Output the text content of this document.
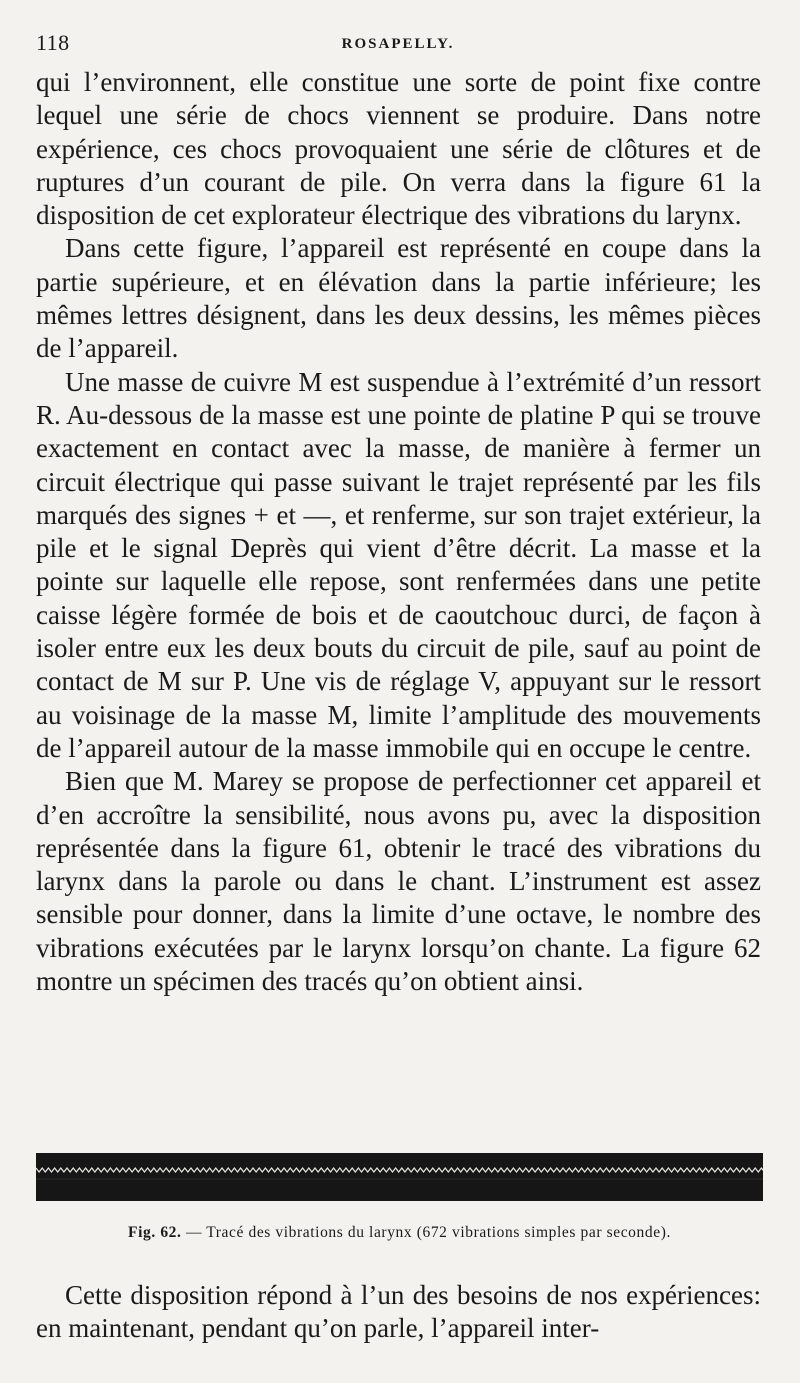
118	ROSAPELLY.

qui l’environnent, elle constitue une sorte de point fixe contre lequel une série de chocs viennent se produire. Dans notre expérience, ces chocs provoquaient une série de clôtures et de ruptures d’un courant de pile. On verra dans la figure 61 la disposition de cet explorateur électrique des vibrations du larynx.

Dans cette figure, l’appareil est représenté en coupe dans la partie supérieure, et en élévation dans la partie inférieure; les mêmes lettres désignent, dans les deux dessins, les mêmes pièces de l’appareil.

Une masse de cuivre M est suspendue à l’extrémité d’un ressort R. Au-dessous de la masse est une pointe de platine P qui se trouve exactement en contact avec la masse, de manière à fermer un circuit électrique qui passe suivant le trajet représenté par les fils marqués des signes + et —, et renferme, sur son trajet extérieur, la pile et le signal Deprès qui vient d’être décrit. La masse et la pointe sur laquelle elle repose, sont renfermées dans une petite caisse légère formée de bois et de caoutchouc durci, de façon à isoler entre eux les deux bouts du circuit de pile, sauf au point de contact de M sur P. Une vis de réglage V, appuyant sur le ressort au voisinage de la masse M, limite l’amplitude des mouvements de l’appareil autour de la masse immobile qui en occupe le centre.

Bien que M. Marey se propose de perfectionner cet appareil et d’en accroître la sensibilité, nous avons pu, avec la disposition représentée dans la figure 61, obtenir le tracé des vibrations du larynx dans la parole ou dans le chant. L’instrument est assez sensible pour donner, dans la limite d’une octave, le nombre des vibrations exécutées par le larynx lorsqu’on chante. La figure 62 montre un spécimen des tracés qu’on obtient ainsi.

Fig. 62. — Tracé des vibrations du larynx (672 vibrations simples par seconde).

Cette disposition répond à l’un des besoins de nos expériences: en maintenant, pendant qu’on parle, l’appareil inter-
